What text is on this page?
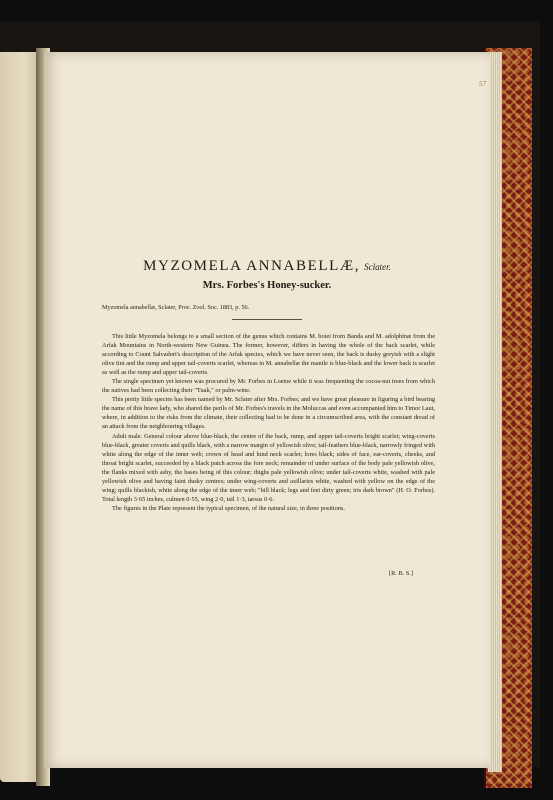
57
MYZOMELA ANNABELLÆ, Sclater.
Mrs. Forbes's Honey-sucker.
Myzomela annabellæ, Sclater, Proc. Zool. Soc. 1883, p. 56.

This little Myzomela belongs to a small section of the genus which contains M. boiei from Banda and M. adolphinæ from the Arfak Mountains in North-western New Guinea. The former, however, differs in having the whole of the back scarlet, while according to Count Salvadori's description of the Arfak species, which we have never seen, the back is dusky greyish with a slight olive tint and the rump and upper tail-coverts scarlet, whereas in M. annabellæ the mantle is blue-black and the lower back is scarlet as well as the rump and upper tail-coverts.

The single specimen yet known was procured by Mr. Forbes in Loetoe while it was frequenting the cocoa-nut trees from which the natives had been collecting their "Tuak," or palm-wine.

This pretty little species has been named by Mr. Sclater after Mrs. Forbes; and we have great pleasure in figuring a bird bearing the name of this brave lady, who shared the perils of Mr. Forbes's travels in the Moluccas and even accompanied him to Timor Laut, where, in addition to the risks from the climate, their collecting had to be done in a circumscribed area, with the constant dread of an attack from the neighbouring villages.

Adult male. General colour above blue-black, the centre of the back, rump, and upper tail-coverts bright scarlet; wing-coverts blue-black, greater coverts and quills black, with a narrow margin of yellowish olive; tail-feathers blue-black, narrowly fringed with white along the edge of the inner web; crown of head and hind neck scarlet; lores black; sides of face, ear-coverts, cheeks, and throat bright scarlet, succeeded by a black patch across the fore neck; remainder of under surface of the body pale yellowish olive, the flanks mixed with ashy, the bases being of this colour; thighs pale yellowish olive; under tail-coverts white, washed with pale yellowish olive and having faint dusky centres; under wing-coverts and axillaries white, washed with yellow on the edge of the wing; quills blackish, white along the edge of the inner web; "bill black; legs and feet dirty green; iris dark brown" (H. O. Forbes). Total length 3·65 inches, culmen 0·55, wing 2·0, tail 1·3, tarsus 0·6.

The figures in the Plate represent the typical specimen, of the natural size, in three positions.

[R. B. S.]
